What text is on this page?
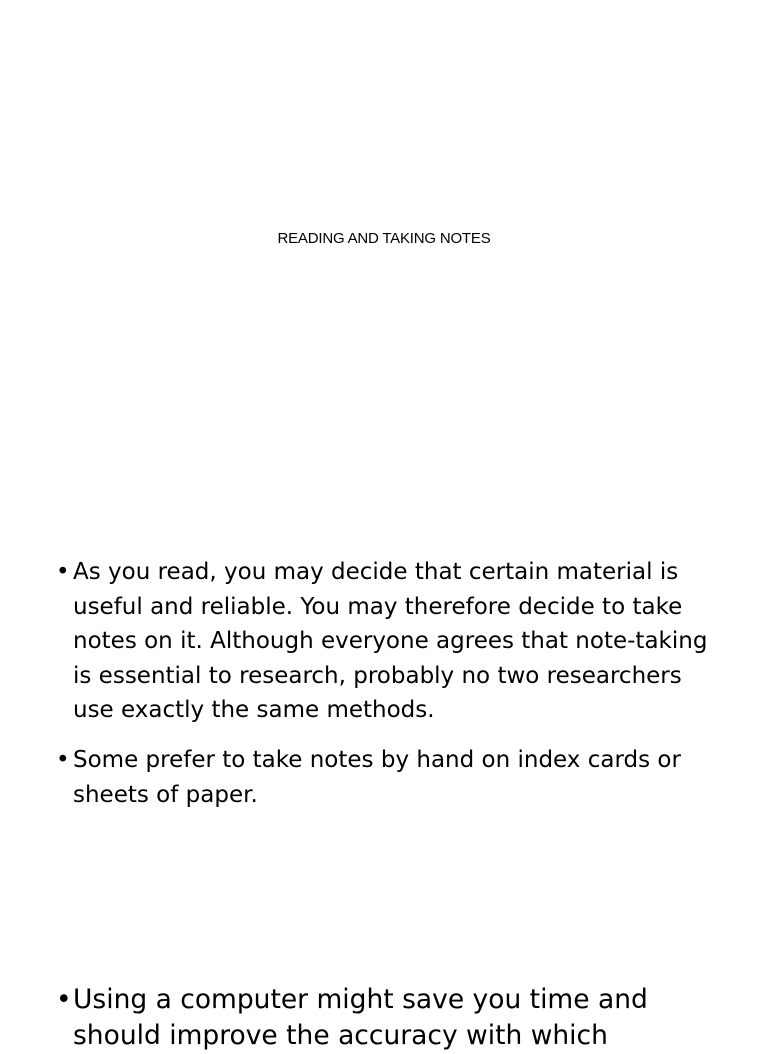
READING AND TAKING NOTES
• As you read, you may decide that certain material is useful and reliable. You may therefore decide to take notes on it. Although everyone agrees that note-taking is essential to research, probably no two researchers use exactly the same methods.
• Some prefer to take notes by hand on index cards or sheets of paper.
• Using a computer might save you time and should improve the accuracy with which
